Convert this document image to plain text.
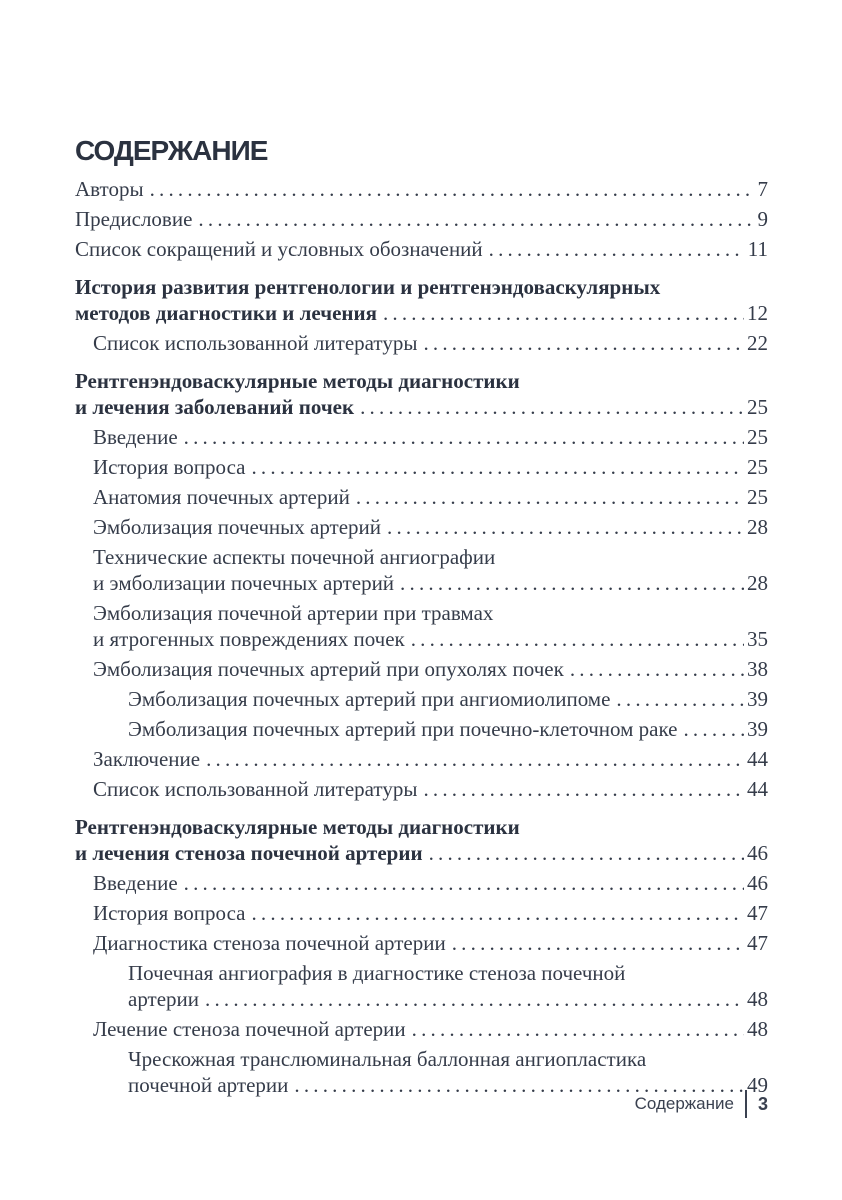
СОДЕРЖАНИЕ
Авторы .....	7
Предисловие .....	9
Список сокращений и условных обозначений .....	11
История развития рентгенологии и рентгенэндоваскулярных
методов диагностики и лечения .....	12
Список использованной литературы .....	22
Рентгенэндоваскулярные методы диагностики
и лечения заболеваний почек .....	25
Введение .....	25
История вопроса .....	25
Анатомия почечных артерий .....	25
Эмболизация почечных артерий .....	28
Технические аспекты почечной ангиографии
и эмболизации почечных артерий .....	28
Эмболизация почечной артерии при травмах
и ятрогенных повреждениях почек .....	35
Эмболизация почечных артерий при опухолях почек .....	38
Эмболизация почечных артерий при ангиомиолипоме .....	39
Эмболизация почечных артерий при почечно-клеточном раке .....	39
Заключение .....	44
Список использованной литературы .....	44
Рентгенэндоваскулярные методы диагностики
и лечения стеноза почечной артерии .....	46
Введение .....	46
История вопроса .....	47
Диагностика стеноза почечной артерии .....	47
Почечная ангиография в диагностике стеноза почечной
артерии .....	48
Лечение стеноза почечной артерии .....	48
Чрескожная транслюминальная баллонная ангиопластика
почечной артерии .....	49
Содержание 3
